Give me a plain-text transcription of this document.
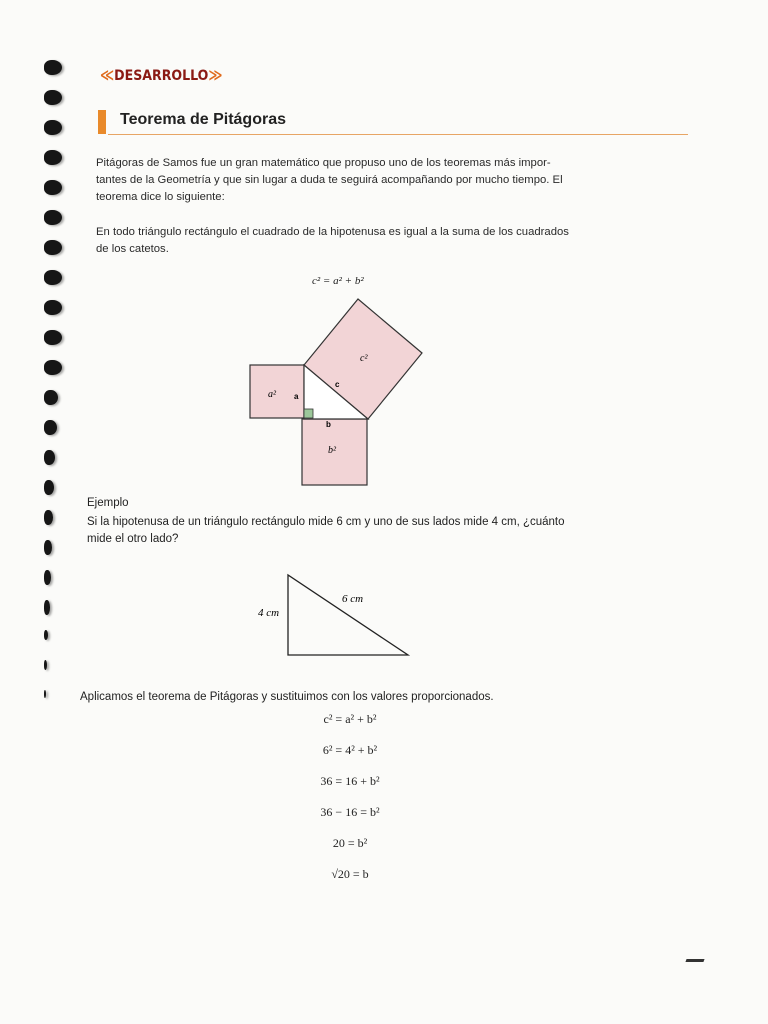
≪DESARROLLO≫
Teorema de Pitágoras
Pitágoras de Samos fue un gran matemático que propuso uno de los teoremas más impor-
tantes de la Geometría y que sin lugar a duda te seguirá acompañando por mucho tiempo. El
teorema dice lo siguiente:
En todo triángulo rectángulo el cuadrado de la hipotenusa es igual a la suma de los cuadrados
de los catetos.
c² = a² + b²
a²
b²
c²
a
b
c
Ejemplo
Si la hipotenusa de un triángulo rectángulo mide 6 cm y uno de sus lados mide 4 cm, ¿cuánto
mide el otro lado?
4 cm
6 cm
Aplicamos el teorema de Pitágoras y sustituimos con los valores proporcionados.
c² = a² + b²
6² = 4² + b²
36 = 16 + b²
36 − 16 = b²
20 = b²
√20 = b
